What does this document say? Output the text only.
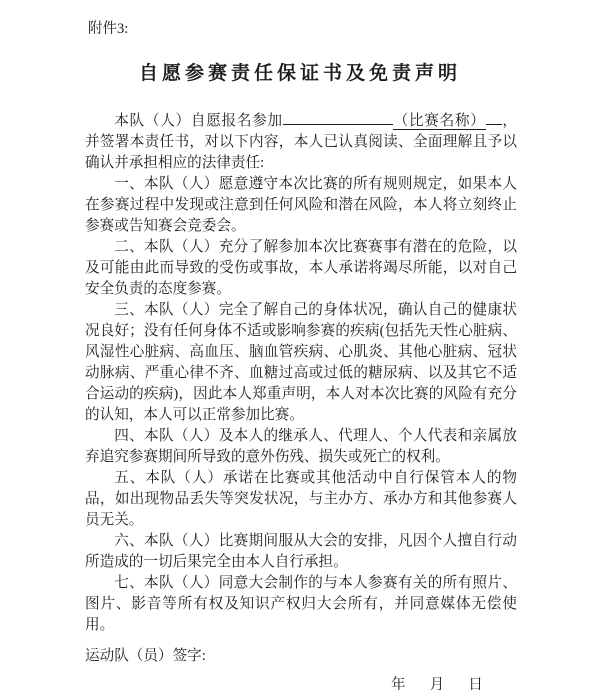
附件3:
自愿参赛责任保证书及免责声明

本队（人）自愿报名参加	（比赛名称） ，并签署本责任书，对以下内容，本人已认真阅读、全面理解且予以确认并承担相应的法律责任:

一、本队（人）愿意遵守本次比赛的所有规则规定，如果本人在参赛过程中发现或注意到任何风险和潜在风险，本人将立刻终止参赛或告知赛会竞委会。

二、本队（人）充分了解参加本次比赛赛事有潜在的危险，以及可能由此而导致的受伤或事故，本人承诺将竭尽所能，以对自己安全负责的态度参赛。

三、本队（人）完全了解自己的身体状况，确认自己的健康状况良好；没有任何身体不适或影响参赛的疾病(包括先天性心脏病、风湿性心脏病、高血压、脑血管疾病、心肌炎、其他心脏病、冠状动脉病、严重心律不齐、血糖过高或过低的糖尿病、以及其它不适合运动的疾病)，因此本人郑重声明，本人对本次比赛的风险有充分的认知，本人可以正常参加比赛。

四、本队（人）及本人的继承人、代理人、个人代表和亲属放弃追究参赛期间所导致的意外伤残、损失或死亡的权利。

五、本队（人）承诺在比赛或其他活动中自行保管本人的物品，如出现物品丢失等突发状况，与主办方、承办方和其他参赛人员无关。

六、本队（人）比赛期间服从大会的安排，凡因个人擅自行动所造成的一切后果完全由本人自行承担。

七、本队（人）同意大会制作的与本人参赛有关的所有照片、图片、影音等所有权及知识产权归大会所有，并同意媒体无偿使用。

运动队（员）签字:

年 月 日
